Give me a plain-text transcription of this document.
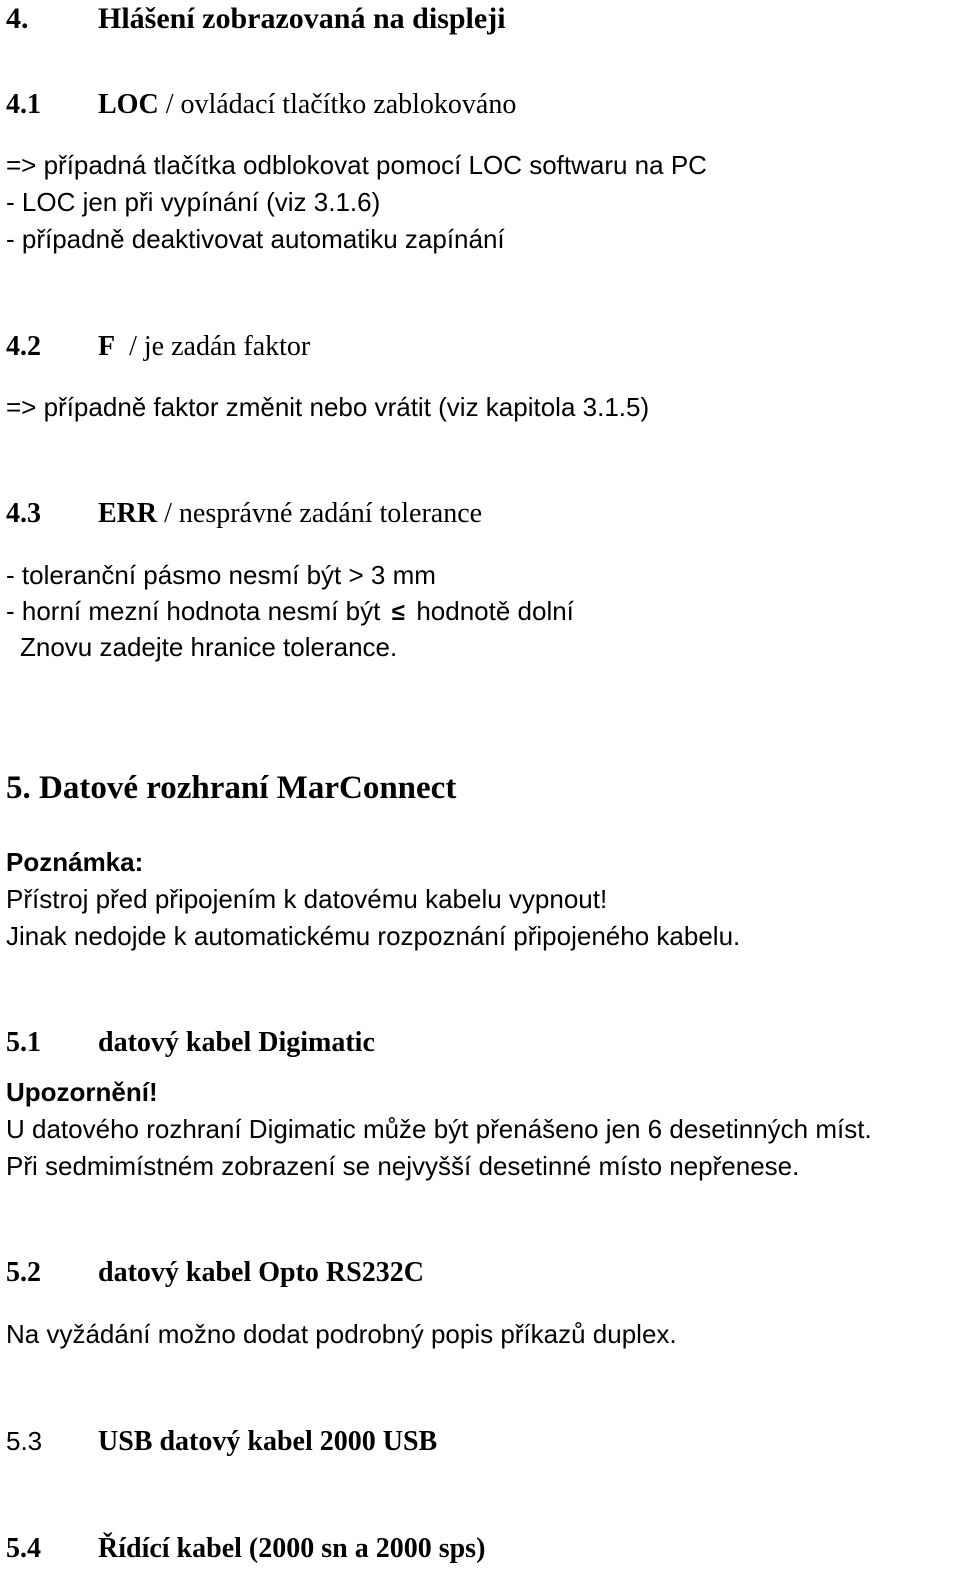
4. Hlášení zobrazovaná na displeji
4.1 LOC / ovládací tlačítko zablokováno
=> případná tlačítka odblokovat pomocí LOC softwaru na PC
- LOC jen při vypínání (viz 3.1.6)
- případně deaktivovat automatiku zapínání
4.2 F  / je zadán faktor
=> případně faktor změnit nebo vrátit (viz kapitola 3.1.5)
4.3 ERR / nesprávné zadání tolerance
- toleranční pásmo nesmí být > 3 mm
- horní mezní hodnota nesmí být ≤ hodnotě dolní
Znovu zadejte hranice tolerance.
5. Datové rozhraní MarConnect
Poznámka:
Přístroj před připojením k datovému kabelu vypnout!
Jinak nedojde k automatickému rozpoznání připojeného kabelu.
5.1 datový kabel Digimatic
Upozornění!
U datového rozhraní Digimatic může být přenášeno jen 6 desetinných míst.
Při sedmimístném zobrazení se nejvyšší desetinné místo nepřenese.
5.2 datový kabel Opto RS232C
Na vyžádání možno dodat podrobný popis příkazů duplex.
5.3 USB datový kabel 2000 USB
5.4 Řídící kabel (2000 sn a 2000 sps)
